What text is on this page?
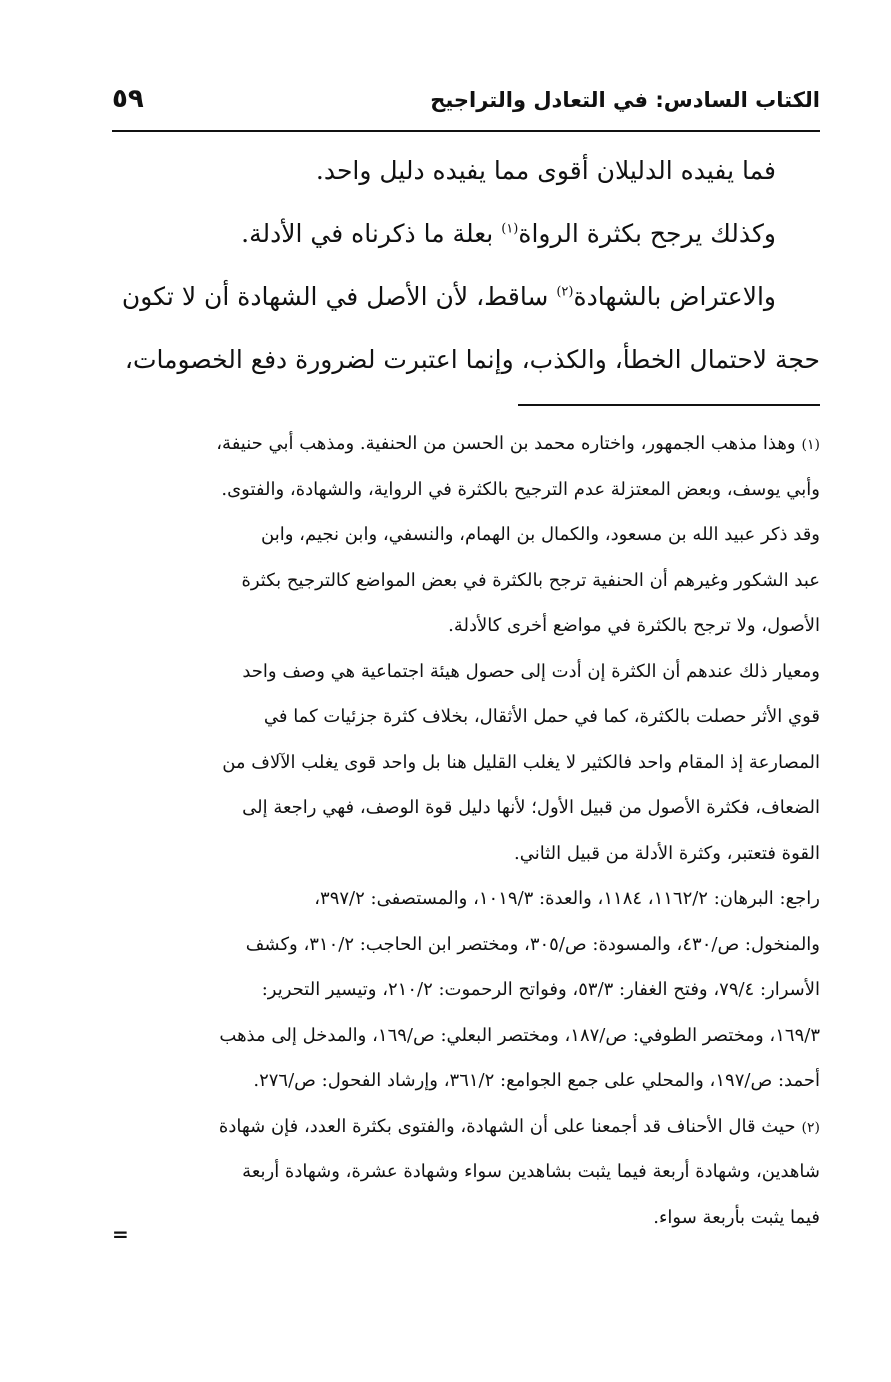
الكتاب السادس: في التعادل والتراجيح
٥٩
فما يفيده الدليلان أقوى مما يفيده دليل واحد.
وكذلك يرجح بكثرة الرواة$^{(١)}$ بعلة ما ذكرناه في الأدلة.
والاعتراض بالشهادة$^{(٢)}$ ساقط، لأن الأصل في الشهادة أن لا تكون
حجة لاحتمال الخطأ، والكذب، وإنما اعتبرت لضرورة دفع الخصومات،
(١)وهذا مذهب الجمهور، واختاره محمد بن الحسن من الحنفية. ومذهب أبي حنيفة،
وأبي يوسف، وبعض المعتزلة عدم الترجيح بالكثرة في الرواية، والشهادة، والفتوى.
وقد ذكر عبيد الله بن مسعود، والكمال بن الهمام، والنسفي، وابن نجيم، وابن
عبد الشكور وغيرهم أن الحنفية ترجح بالكثرة في بعض المواضع كالترجيح بكثرة
الأصول، ولا ترجح بالكثرة في مواضع أخرى كالأدلة.
ومعيار ذلك عندهم أن الكثرة إن أدت إلى حصول هيئة اجتماعية هي وصف واحد
قوي الأثر حصلت بالكثرة، كما في حمل الأثقال، بخلاف كثرة جزئيات كما في
المصارعة إذ المقام واحد فالكثير لا يغلب القليل هنا بل واحد قوى يغلب الآلاف من
الضعاف، فكثرة الأصول من قبيل الأول؛ لأنها دليل قوة الوصف، فهي راجعة إلى
القوة فتعتبر، وكثرة الأدلة من قبيل الثاني.
راجع: البرهان: ١١٦٢/٢، ١١٨٤، والعدة: ١٠١٩/٣، والمستصفى: ٣٩٧/٢،
والمنخول: ص/٤٣٠، والمسودة: ص/٣٠٥، ومختصر ابن الحاجب: ٣١٠/٢، وكشف
الأسرار: ٧٩/٤، وفتح الغفار: ٥٣/٣، وفواتح الرحموت: ٢١٠/٢، وتيسير التحرير:
١٦٩/٣، ومختصر الطوفي: ص/١٨٧، ومختصر البعلي: ص/١٦٩، والمدخل إلى مذهب
أحمد: ص/١٩٧، والمحلي على جمع الجوامع: ٣٦١/٢، وإرشاد الفحول: ص/٢٧٦.
(٢)حيث قال الأحناف قد أجمعنا على أن الشهادة، والفتوى بكثرة العدد، فإن شهادة
شاهدين، وشهادة أربعة فيما يثبت بشاهدين سواء وشهادة عشرة، وشهادة أربعة
فيما يثبت بأربعة سواء.
=
